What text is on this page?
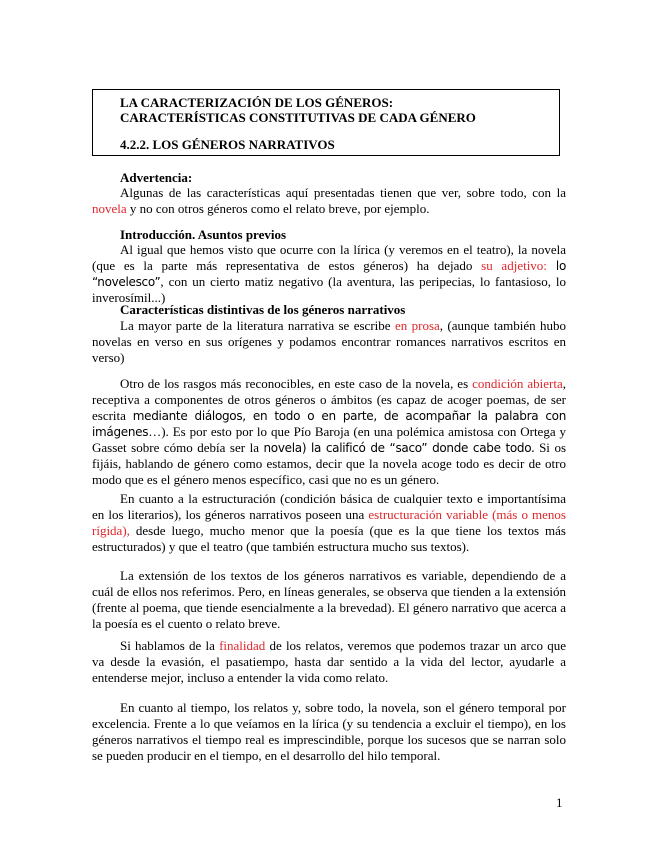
LA CARACTERIZACIÓN DE LOS GÉNEROS:
CARACTERÍSTICAS CONSTITUTIVAS DE CADA GÉNERO
4.2.2. LOS GÉNEROS NARRATIVOS
Advertencia:
Algunas de las características aquí presentadas tienen que ver, sobre todo, con la novela y no con otros géneros como el relato breve, por ejemplo.
Introducción. Asuntos previos
Al igual que hemos visto que ocurre con la lírica (y veremos en el teatro), la novela (que es la parte más representativa de estos géneros) ha dejado su adjetivo: lo “novelesco”, con un cierto matiz negativo (la aventura, las peripecias, lo fantasioso, lo inverosímil...)
Características distintivas de los géneros narrativos
La mayor parte de la literatura narrativa se escribe en prosa, (aunque también hubo novelas en verso en sus orígenes y podamos encontrar romances narrativos escritos en verso)
Otro de los rasgos más reconocibles, en este caso de la novela, es condición abierta, receptiva a componentes de otros géneros o ámbitos (es capaz de acoger poemas, de ser escrita mediante diálogos, en todo o en parte, de acompañar la palabra con imágenes…). Es por esto por lo que Pío Baroja (en una polémica amistosa con Ortega y Gasset sobre cómo debía ser la novela) la calificó de “saco” donde cabe todo. Si os fijáis, hablando de género como estamos, decir que la novela acoge todo es decir de otro modo que es el género menos específico, casi que no es un género.
En cuanto a la estructuración (condición básica de cualquier texto e importantísima en los literarios), los géneros narrativos poseen una estructuración variable (más o menos rígida), desde luego, mucho menor que la poesía (que es la que tiene los textos más estructurados) y que el teatro (que también estructura mucho sus textos).
La extensión de los textos de los géneros narrativos es variable, dependiendo de a cuál de ellos nos referimos. Pero, en líneas generales, se observa que tienden a la extensión (frente al poema, que tiende esencialmente a la brevedad). El género narrativo que acerca a la poesía es el cuento o relato breve.
Si hablamos de la finalidad de los relatos, veremos que podemos trazar un arco que va desde la evasión, el pasatiempo, hasta dar sentido a la vida del lector, ayudarle a entenderse mejor, incluso a entender la vida como relato.
En cuanto al tiempo, los relatos y, sobre todo, la novela, son el género temporal por excelencia. Frente a lo que veíamos en la lírica (y su tendencia a excluir el tiempo), en los géneros narrativos el tiempo real es imprescindible, porque los sucesos que se narran solo se pueden producir en el tiempo, en el desarrollo del hilo temporal.
1
